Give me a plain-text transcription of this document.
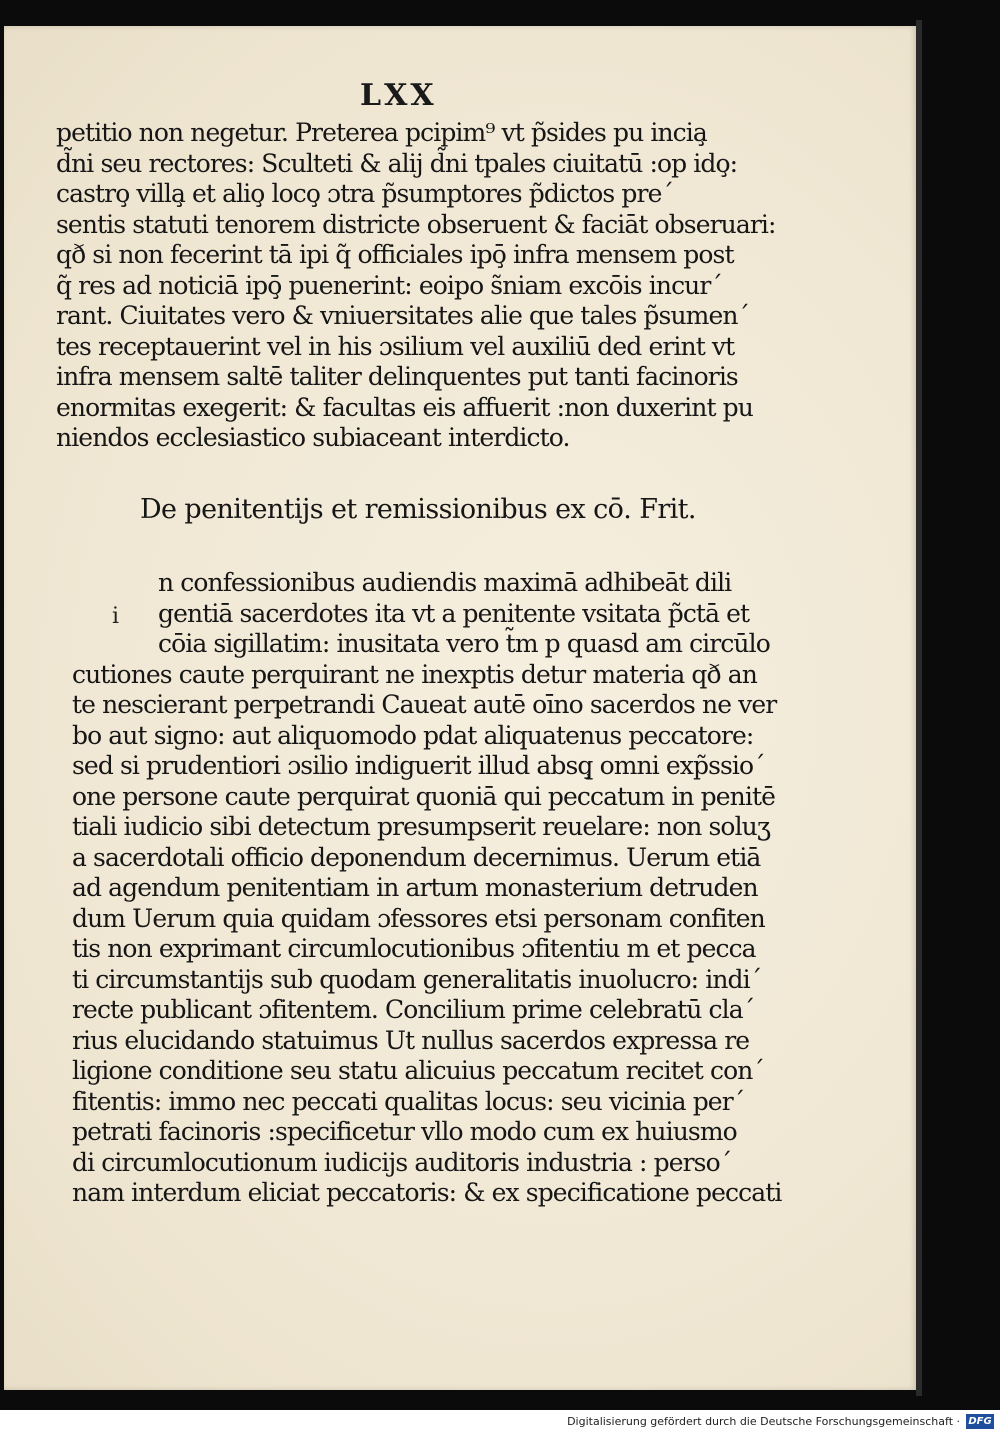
LXX
petitio non negetur. Preterea pcipim⁹ vt p̃sides pu incia̧
d̃ni seu rectores: Sculteti & alij d̃ni tpales ciuitatū :op ido̧:
castro̧ villa̧ et alio̧ loco̧ ɔtra p̃sumptores p̃dictos pre´
sentis statuti tenorem districte obseruent & faciāt obseruari:
qð si non fecerint tā ipi q̃ officiales ipō̧ infra mensem post
q̃ res ad noticiā ipō̧ puenerint: eoipo s̃niam excōis incur´
rant. Ciuitates vero & vniuersitates alie que tales p̃sumen´
tes receptauerint vel in his ɔsilium vel auxiliū ded erint vt
infra mensem saltē taliter delinquentes put tanti facinoris
enormitas exegerit: & facultas eis affuerit :non duxerint pu
niendos ecclesiastico subiaceant interdicto.
De penitentijs et remissionibus ex cō. Frit.
i
n confessionibus audiendis maximā adhibeāt dili
gentiā sacerdotes ita vt a penitente vsitata p̃ctā et
cōia sigillatim: inusitata vero t̃m p quasd am circūlo
cutiones caute perquirant ne inexptis detur materia qð an
te nescierant perpetrandi Caueat autē oīno sacerdos ne ver
bo aut signo: aut aliquomodo pdat aliquatenus peccatore:
sed si prudentiori ɔsilio indiguerit illud absq̧ omni exp̃ssio´
one persone caute perquirat quoniā qui peccatum in penitē
tiali iudicio sibi detectum presumpserit reuelare: non soluʒ
a sacerdotali officio deponendum decernimus. Uerum etiā
ad agendum penitentiam in artum monasterium detruden
dum Uerum quia quidam ɔfessores etsi personam confiten
tis non exprimant circumlocutionibus ɔfitentiu m et pecca
ti circumstantijs sub quodam generalitatis inuolucro: indi´
recte publicant ɔfitentem. Concilium prime celebratū cla´
rius elucidando statuimus Ut nullus sacerdos expressa re
ligione conditione seu statu alicuius peccatum recitet con´
fitentis: immo nec peccati qualitas locus: seu vicinia per´
petrati facinoris :specificetur vllo modo cum ex huiusmo
di circumlocutionum iudicijs auditoris industria : perso´
nam interdum eliciat peccatoris: & ex specificatione peccati
Digitalisierung gefördert durch die Deutsche Forschungsgemeinschaft · DFG
